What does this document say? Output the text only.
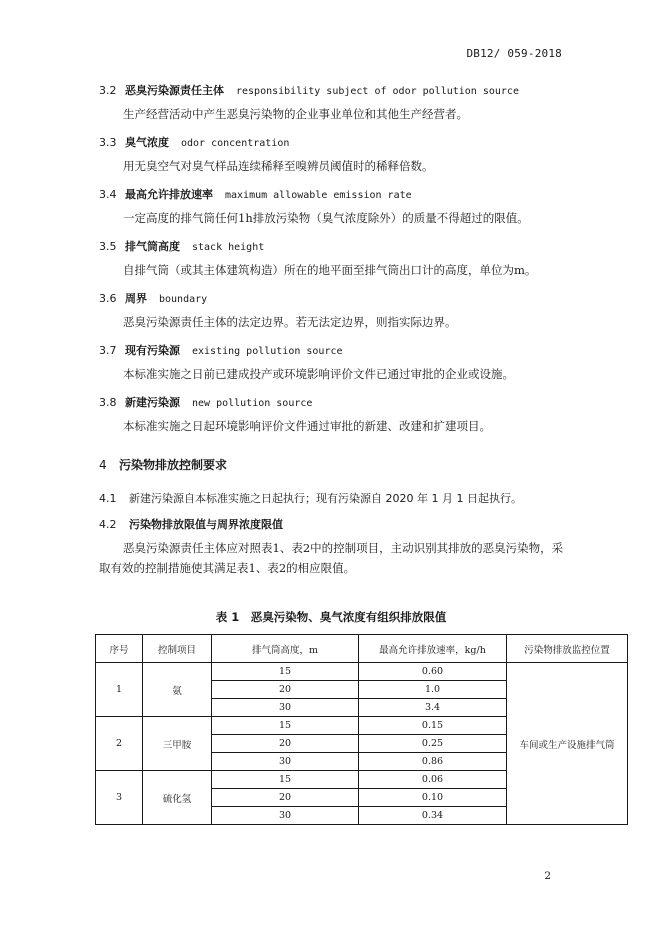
DB12/ 059-2018
3.2 恶臭污染源责任主体 responsibility subject of odor pollution source
生产经营活动中产生恶臭污染物的企业事业单位和其他生产经营者。
3.3 臭气浓度 odor concentration
用无臭空气对臭气样品连续稀释至嗅辨员阈值时的稀释倍数。
3.4 最高允许排放速率 maximum allowable emission rate
一定高度的排气筒任何1h排放污染物（臭气浓度除外）的质量不得超过的限值。
3.5 排气筒高度 stack height
自排气筒（或其主体建筑构造）所在的地平面至排气筒出口计的高度，单位为m。
3.6 周界 boundary
恶臭污染源责任主体的法定边界。若无法定边界，则指实际边界。
3.7 现有污染源 existing pollution source
本标准实施之日前已建成投产或环境影响评价文件已通过审批的企业或设施。
3.8 新建污染源 new pollution source
本标准实施之日起环境影响评价文件通过审批的新建、改建和扩建项目。
4 污染物排放控制要求
4.1 新建污染源自本标准实施之日起执行；现有污染源自 2020 年 1 月 1 日起执行。
4.2 污染物排放限值与周界浓度限值
恶臭污染源责任主体应对照表1、表2中的控制项目，主动识别其排放的恶臭污染物，采取有效的控制措施使其满足表1、表2的相应限值。
表 1　恶臭污染物、臭气浓度有组织排放限值
序号	控制项目	排气筒高度，m	最高允许排放速率，kg/h	污染物排放监控位置
1	氨	15	0.60	车间或生产设施排气筒
		20	1.0	
		30	3.4	
2	三甲胺	15	0.15	
		20	0.25	
		30	0.86	
3	硫化氢	15	0.06	
		20	0.10	
		30	0.34	
2
